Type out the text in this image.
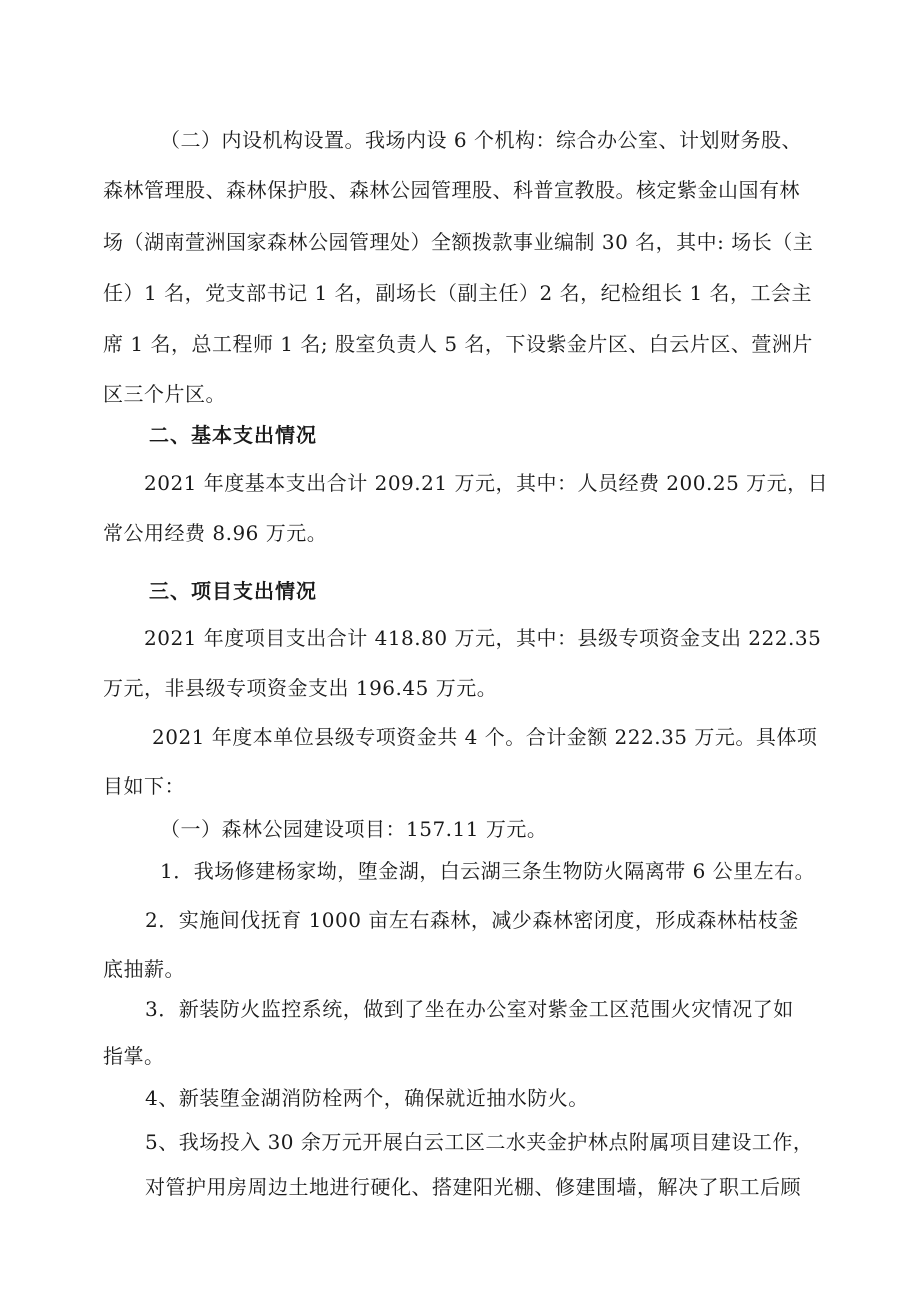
（二）内设机构设置。我场内设 6 个机构：综合办公室、计划财务股、
森林管理股、森林保护股、森林公园管理股、科普宣教股。核定紫金山国有林
场（湖南萱洲国家森林公园管理处）全额拨款事业编制 30 名，其中: 场长（主
任）1 名，党支部书记 1 名，副场长（副主任）2 名，纪检组长 1 名，工会主
席 1 名，总工程师 1 名; 股室负责人 5 名，下设紫金片区、白云片区、萱洲片
区三个片区。
二、基本支出情况
2021 年度基本支出合计 209.21 万元，其中：人员经费 200.25 万元，日
常公用经费 8.96 万元。
三、项目支出情况
2021 年度项目支出合计 418.80 万元，其中：县级专项资金支出 222.35
万元，非县级专项资金支出 196.45 万元。
2021 年度本单位县级专项资金共 4 个。合计金额 222.35 万元。具体项
目如下：
（一）森林公园建设项目：157.11 万元。
1．我场修建杨家坳，堕金湖，白云湖三条生物防火隔离带 6 公里左右。
2．实施间伐抚育 1000 亩左右森林，减少森林密闭度，形成森林枯枝釜
底抽薪。
3．新装防火监控系统，做到了坐在办公室对紫金工区范围火灾情况了如
指掌。
4、新装堕金湖消防栓两个，确保就近抽水防火。
5、我场投入 30 余万元开展白云工区二水夹金护林点附属项目建设工作，
对管护用房周边土地进行硬化、搭建阳光棚、修建围墙，解决了职工后顾
